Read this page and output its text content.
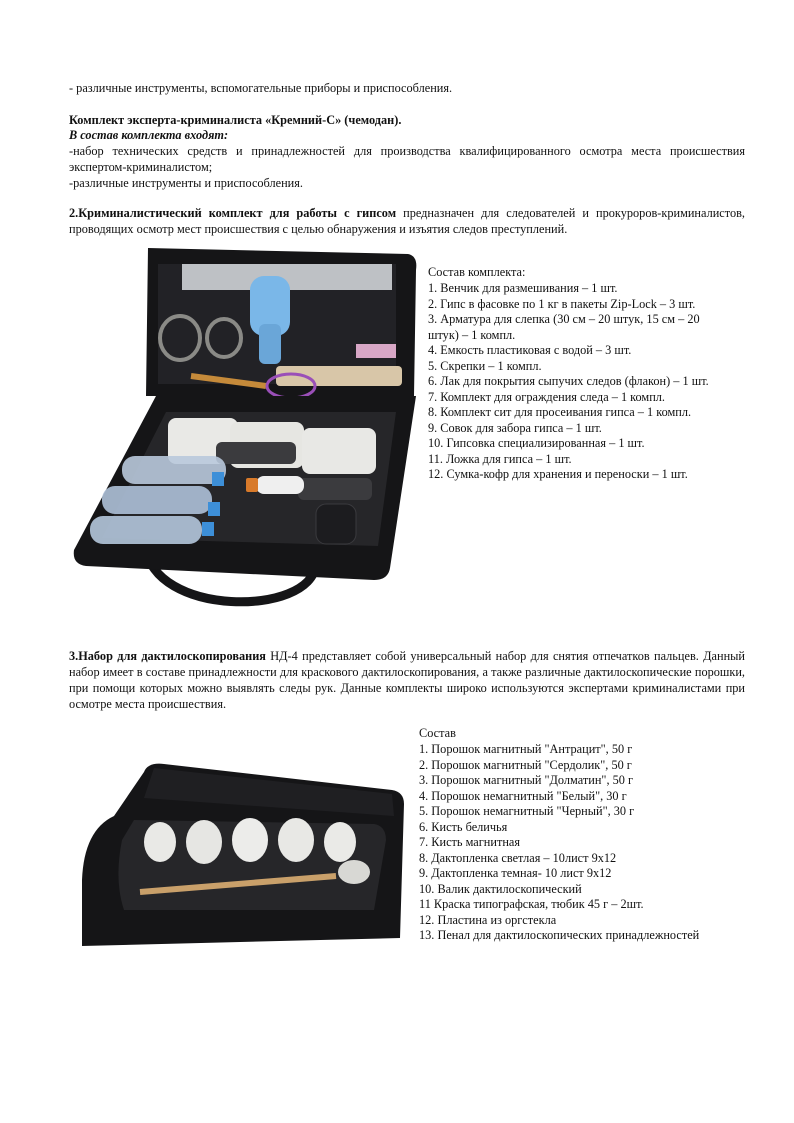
- различные инструменты, вспомогательные приборы и приспособления.

Комплект эксперта-криминалиста «Кремний-С» (чемодан).

В состав комплекта входят:

-набор технических средств и принадлежностей для производства квалифицированного осмотра места происшествия экспертом-криминалистом;

-различные инструменты и приспособления.

2.Криминалистический комплект для работы с гипсом предназначен для следователей и прокуроров-криминалистов, проводящих осмотр мест происшествия с целью обнаружения и изъятия следов преступлений.

Состав комплекта:

1. Венчик для размешивания – 1 шт.
2. Гипс в фасовке по 1 кг в пакеты Zip-Lock – 3 шт.
3. Арматура для слепка (30 см – 20 штук, 15 см – 20 штук) – 1 компл.
4. Емкость пластиковая с водой – 3 шт.
5. Скрепки – 1 компл.
6. Лак для покрытия сыпучих следов (флакон) – 1 шт.
7. Комплект для ограждения следа – 1 компл.
8. Комплект сит для просеивания гипса – 1 компл.
9. Совок для забора гипса – 1 шт.
10. Гипсовка специализированная – 1 шт.
11. Ложка для гипса – 1 шт.
12. Сумка-кофр для хранения и переноски – 1 шт.

3.Набор для дактилоскопирования НД-4 представляет собой универсальный набор для снятия отпечатков пальцев. Данный набор имеет в составе принадлежности для краскового дактилоскопирования, а также различные дактилоскопические порошки, при помощи которых можно выявлять следы рук. Данные комплекты широко используются экспертами криминалистами при осмотре места происшествия.

Состав

1. Порошок магнитный "Антрацит", 50 г
2. Порошок магнитный "Сердолик", 50 г
3. Порошок магнитный "Долматин", 50 г
4. Порошок немагнитный "Белый", 30 г
5. Порошок немагнитный "Черный", 30 г
6. Кисть беличья
7. Кисть магнитная
8. Дактопленка светлая – 10лист 9х12
9. Дактопленка темная- 10 лист 9х12
10. Валик дактилоскопический
11 Краска типографская, тюбик 45 г – 2шт.
12. Пластина из оргстекла
13. Пенал для дактилоскопических принадлежностей
